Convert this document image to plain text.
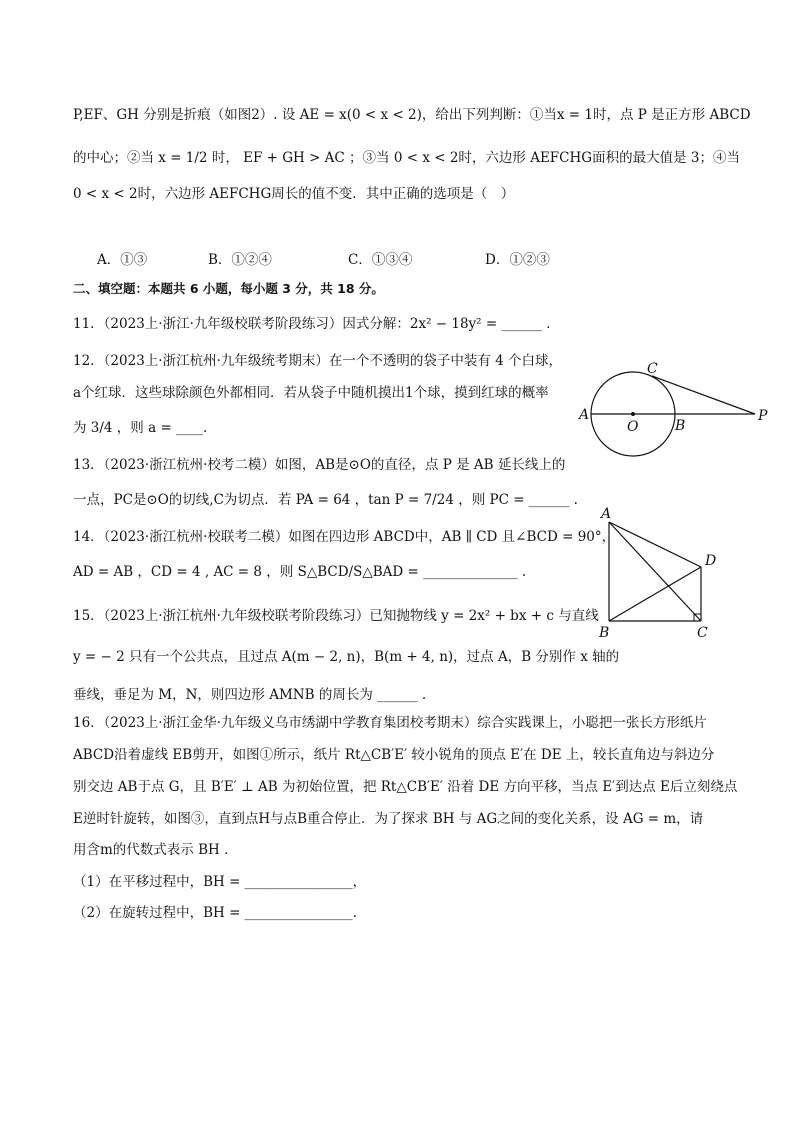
P,EF、GH 分别是折痕（如图2）. 设 AE = x(0 < x < 2)，给出下列判断：①当x = 1时，点 P 是正方形 ABCD
的中心；②当 x = 1/2 时， EF + GH > AC ；③当 0 < x < 2时，六边形 AEFCHG面积的最大值是 3；④当
0 < x < 2时，六边形 AEFCHG周长的值不变．其中正确的选项是（　）
A．①③	B．①②④	C．①③④	D．①②③
二、填空题：本题共 6 小题，每小题 3 分，共 18 分。
11．（2023上·浙江·九年级校联考阶段练习）因式分解：2x² − 18y² = ______ ．
12．（2023上·浙江杭州·九年级统考期末）在一个不透明的袋子中装有 4 个白球，
a个红球．这些球除颜色外都相同．若从袋子中随机摸出1个球，摸到红球的概率
为 3/4 ，则 a = ____.
13．（2023·浙江杭州·校考二模）如图，AB是⊙O的直径，点 P 是 AB 延长线上的
一点，PC是⊙O的切线,C为切点．若 PA = 64 ，tan P = 7/24 ，则 PC = ______ .
14．（2023·浙江杭州·校联考二模）如图在四边形 ABCD中，AB ∥ CD 且∠BCD = 90°，
AD = AB ，CD = 4 , AC = 8 ，则 S△BCD/S△BAD = ______________ .
15．（2023上·浙江杭州·九年级校联考阶段练习）已知抛物线 y = 2x² + bx + c 与直线
y = − 2 只有一个公共点，且过点 A(m − 2, n)，B(m + 4, n)，过点 A，B 分别作 x 轴的
垂线，垂足为 M，N，则四边形 AMNB 的周长为 ______ .
16．（2023上·浙江金华·九年级义乌市绣湖中学教育集团校考期末）综合实践课上，小聪把一张长方形纸片
ABCD沿着虚线 EB剪开，如图①所示，纸片 Rt△CB′E′ 较小锐角的顶点 E′在 DE 上，较长直角边与斜边分
别交边 AB于点 G，且 B′E′ ⊥ AB 为初始位置，把 Rt△CB′E′ 沿着 DE 方向平移，当点 E′到达点 E后立刻绕点
E逆时针旋转，如图③，直到点H与点B重合停止．为了探求 BH 与 AG之间的变化关系，设 AG = m，请
用含m的代数式表示 BH ．
（1）在平移过程中，BH = ________________，
（2）在旋转过程中，BH = ________________.
A
O	B
C
P
A
B	C
D
